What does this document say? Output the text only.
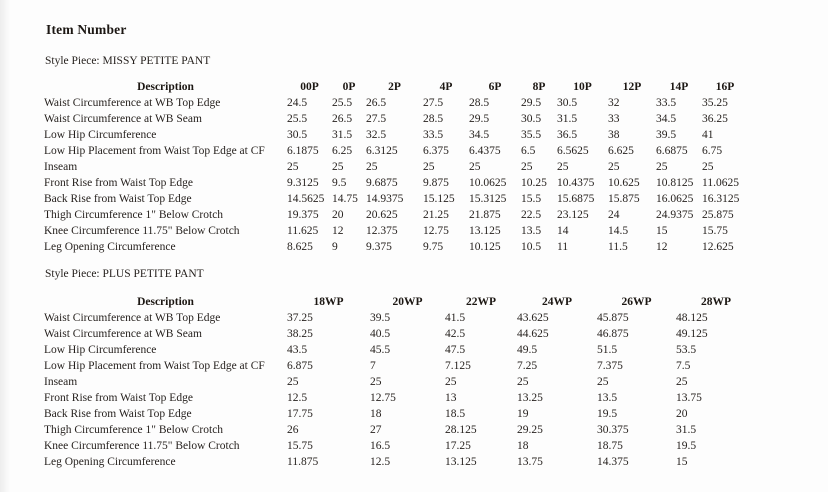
Item Number

Style Piece: MISSY PETITE PANT

Description	00P	0P	2P	4P	6P	8P	10P	12P	14P	16P
Waist Circumference at WB Top Edge	24.5	25.5	26.5	27.5	28.5	29.5	30.5	32	33.5	35.25
Waist Circumference at WB Seam	25.5	26.5	27.5	28.5	29.5	30.5	31.5	33	34.5	36.25
Low Hip Circumference	30.5	31.5	32.5	33.5	34.5	35.5	36.5	38	39.5	41
Low Hip Placement from Waist Top Edge at CF	6.1875	6.25	6.3125	6.375	6.4375	6.5	6.5625	6.625	6.6875	6.75
Inseam	25	25	25	25	25	25	25	25	25	25
Front Rise from Waist Top Edge	9.3125	9.5	9.6875	9.875	10.0625	10.25	10.4375	10.625	10.8125	11.0625
Back Rise from Waist Top Edge	14.5625	14.75	14.9375	15.125	15.3125	15.5	15.6875	15.875	16.0625	16.3125
Thigh Circumference 1" Below Crotch	19.375	20	20.625	21.25	21.875	22.5	23.125	24	24.9375	25.875
Knee Circumference 11.75" Below Crotch	11.625	12	12.375	12.75	13.125	13.5	14	14.5	15	15.75
Leg Opening Circumference	8.625	9	9.375	9.75	10.125	10.5	11	11.5	12	12.625

Style Piece: PLUS PETITE PANT

Description	18WP	20WP	22WP	24WP	26WP	28WP
Waist Circumference at WB Top Edge	37.25	39.5	41.5	43.625	45.875	48.125
Waist Circumference at WB Seam	38.25	40.5	42.5	44.625	46.875	49.125
Low Hip Circumference	43.5	45.5	47.5	49.5	51.5	53.5
Low Hip Placement from Waist Top Edge at CF	6.875	7	7.125	7.25	7.375	7.5
Inseam	25	25	25	25	25	25
Front Rise from Waist Top Edge	12.5	12.75	13	13.25	13.5	13.75
Back Rise from Waist Top Edge	17.75	18	18.5	19	19.5	20
Thigh Circumference 1" Below Crotch	26	27	28.125	29.25	30.375	31.5
Knee Circumference 11.75" Below Crotch	15.75	16.5	17.25	18	18.75	19.5
Leg Opening Circumference	11.875	12.5	13.125	13.75	14.375	15
